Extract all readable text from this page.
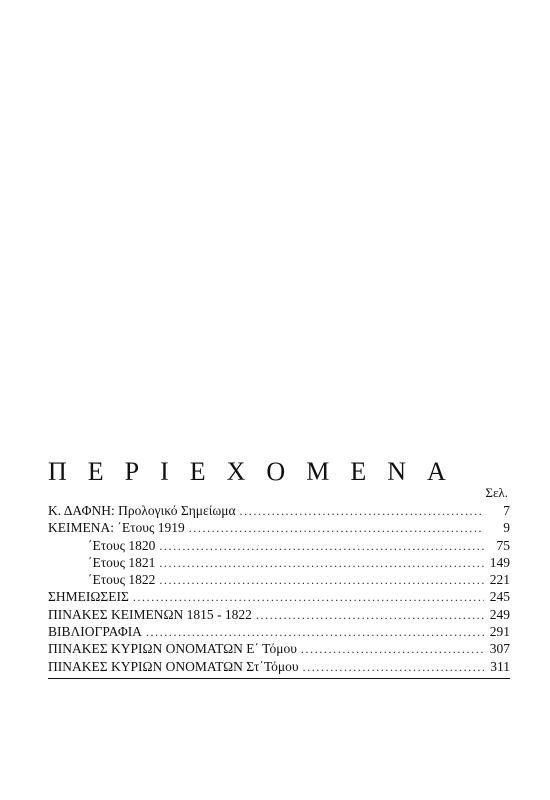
ΠΕΡΙΕΧΟΜΕΝΑ
Σελ.
Κ. ΔΑΦΝΗ: Προλογικό Σημείωμα .....	7
ΚΕΙΜΕΝΑ: ΄Ετους 1919 .....	9
΄Ετους 1820 .....	75
΄Ετους 1821 .....	149
΄Ετους 1822 .....	221
ΣΗΜΕΙΩΣΕΙΣ .....	245
ΠΙΝΑΚΕΣ ΚΕΙΜΕΝΩΝ 1815 - 1822 .....	249
ΒΙΒΛΙΟΓΡΑΦΙΑ .....	291
ΠΙΝΑΚΕΣ ΚΥΡΙΩΝ ΟΝΟΜΑΤΩΝ Ε΄ Τόμου .....	307
ΠΙΝΑΚΕΣ ΚΥΡΙΩΝ ΟΝΟΜΑΤΩΝ Στ΄Τόμου .....	311
